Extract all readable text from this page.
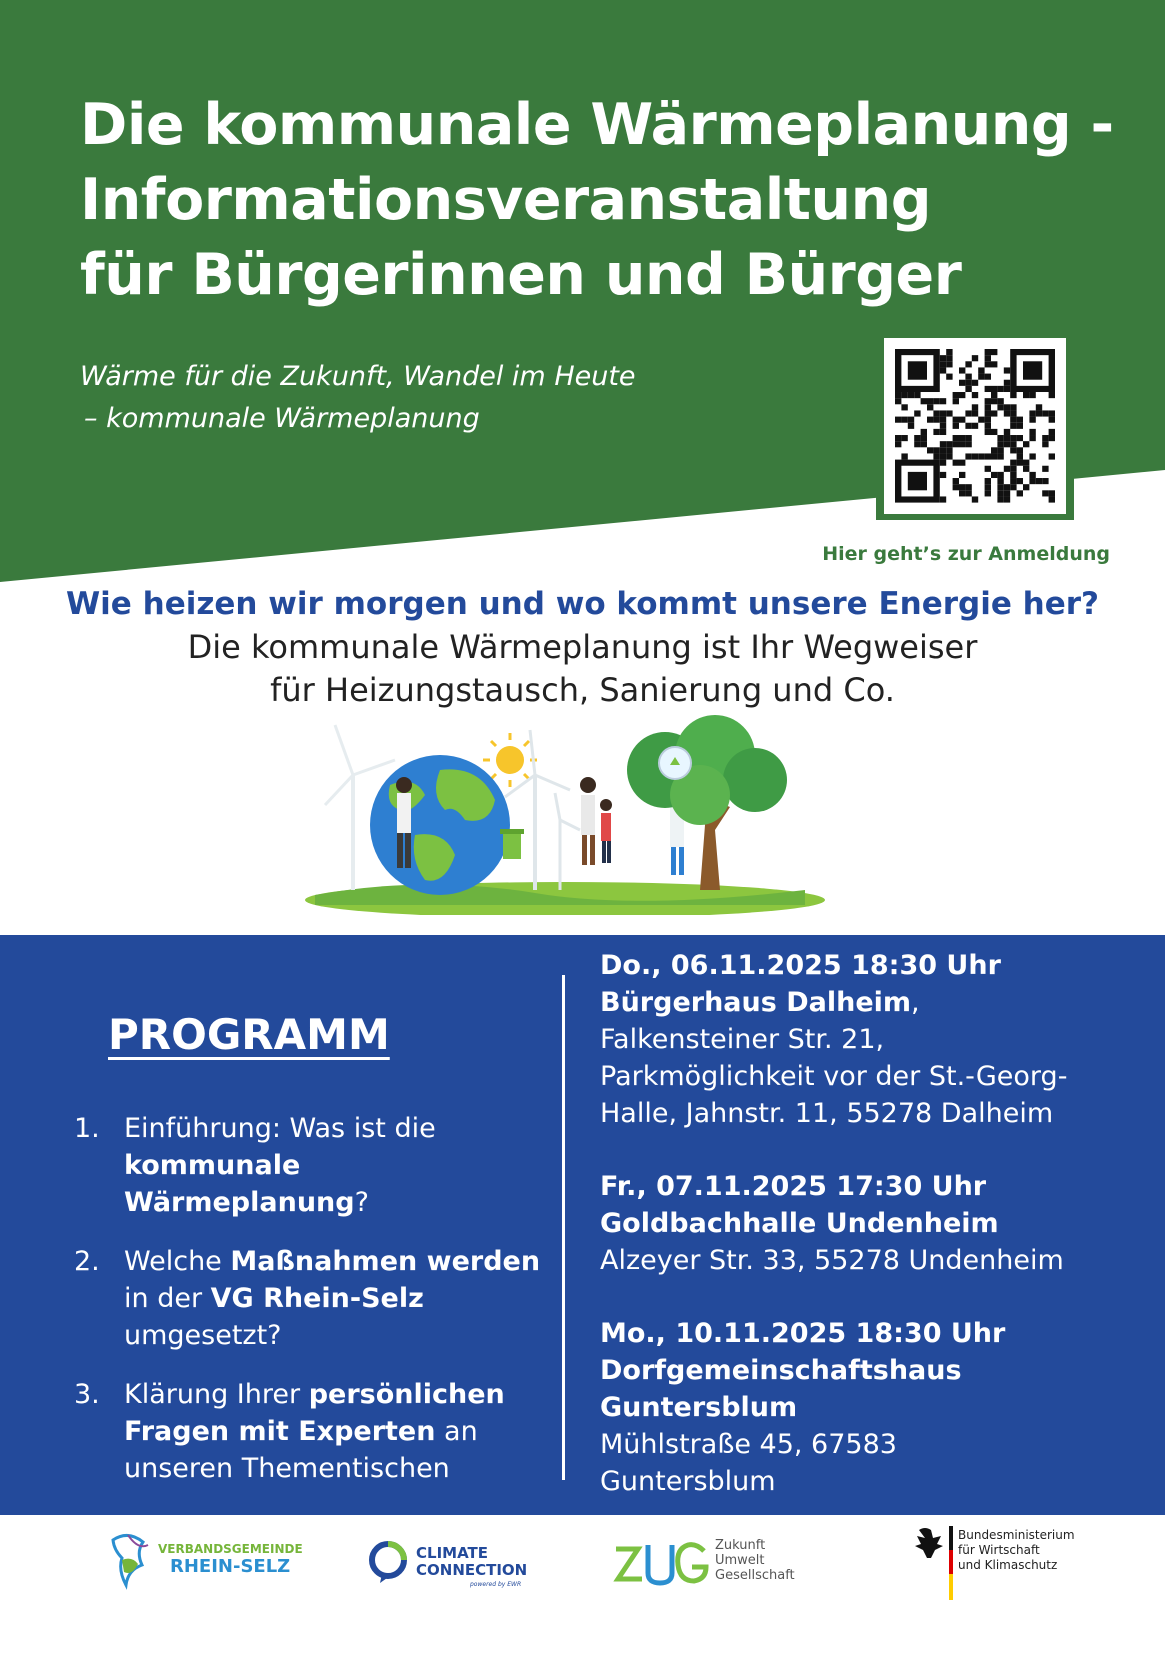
Die kommunale Wärmeplanung -
Informationsveranstaltung
für Bürgerinnen und Bürger
Wärme für die Zukunft, Wandel im Heute
– kommunale Wärmeplanung
Hier geht’s zur Anmeldung
Wie heizen wir morgen und wo kommt unsere Energie her?
Die kommunale Wärmeplanung ist Ihr Wegweiser
für Heizungstausch, Sanierung und Co.
PROGRAMM
1. Einführung: Was ist die kommunale Wärmeplanung?
2. Welche Maßnahmen werden in der VG Rhein-Selz umgesetzt?
3. Klärung Ihrer persönlichen Fragen mit Experten an unseren Thementischen
Do., 06.11.2025 18:30 Uhr
Bürgerhaus Dalheim,
Falkensteiner Str. 21,
Parkmöglichkeit vor der St.-Georg-
Halle, Jahnstr. 11, 55278 Dalheim
Fr., 07.11.2025 17:30 Uhr
Goldbachhalle Undenheim
Alzeyer Str. 33, 55278 Undenheim
Mo., 10.11.2025 18:30 Uhr
Dorfgemeinschaftshaus Guntersblum
Mühlstraße 45, 67583
Guntersblum
VERBANDSGEMEINDE
RHEIN-SELZ
CLIMATE
CONNECTION
powered by EWR
Zukunft
Umwelt
Gesellschaft
Bundesministerium
für Wirtschaft
und Klimaschutz
